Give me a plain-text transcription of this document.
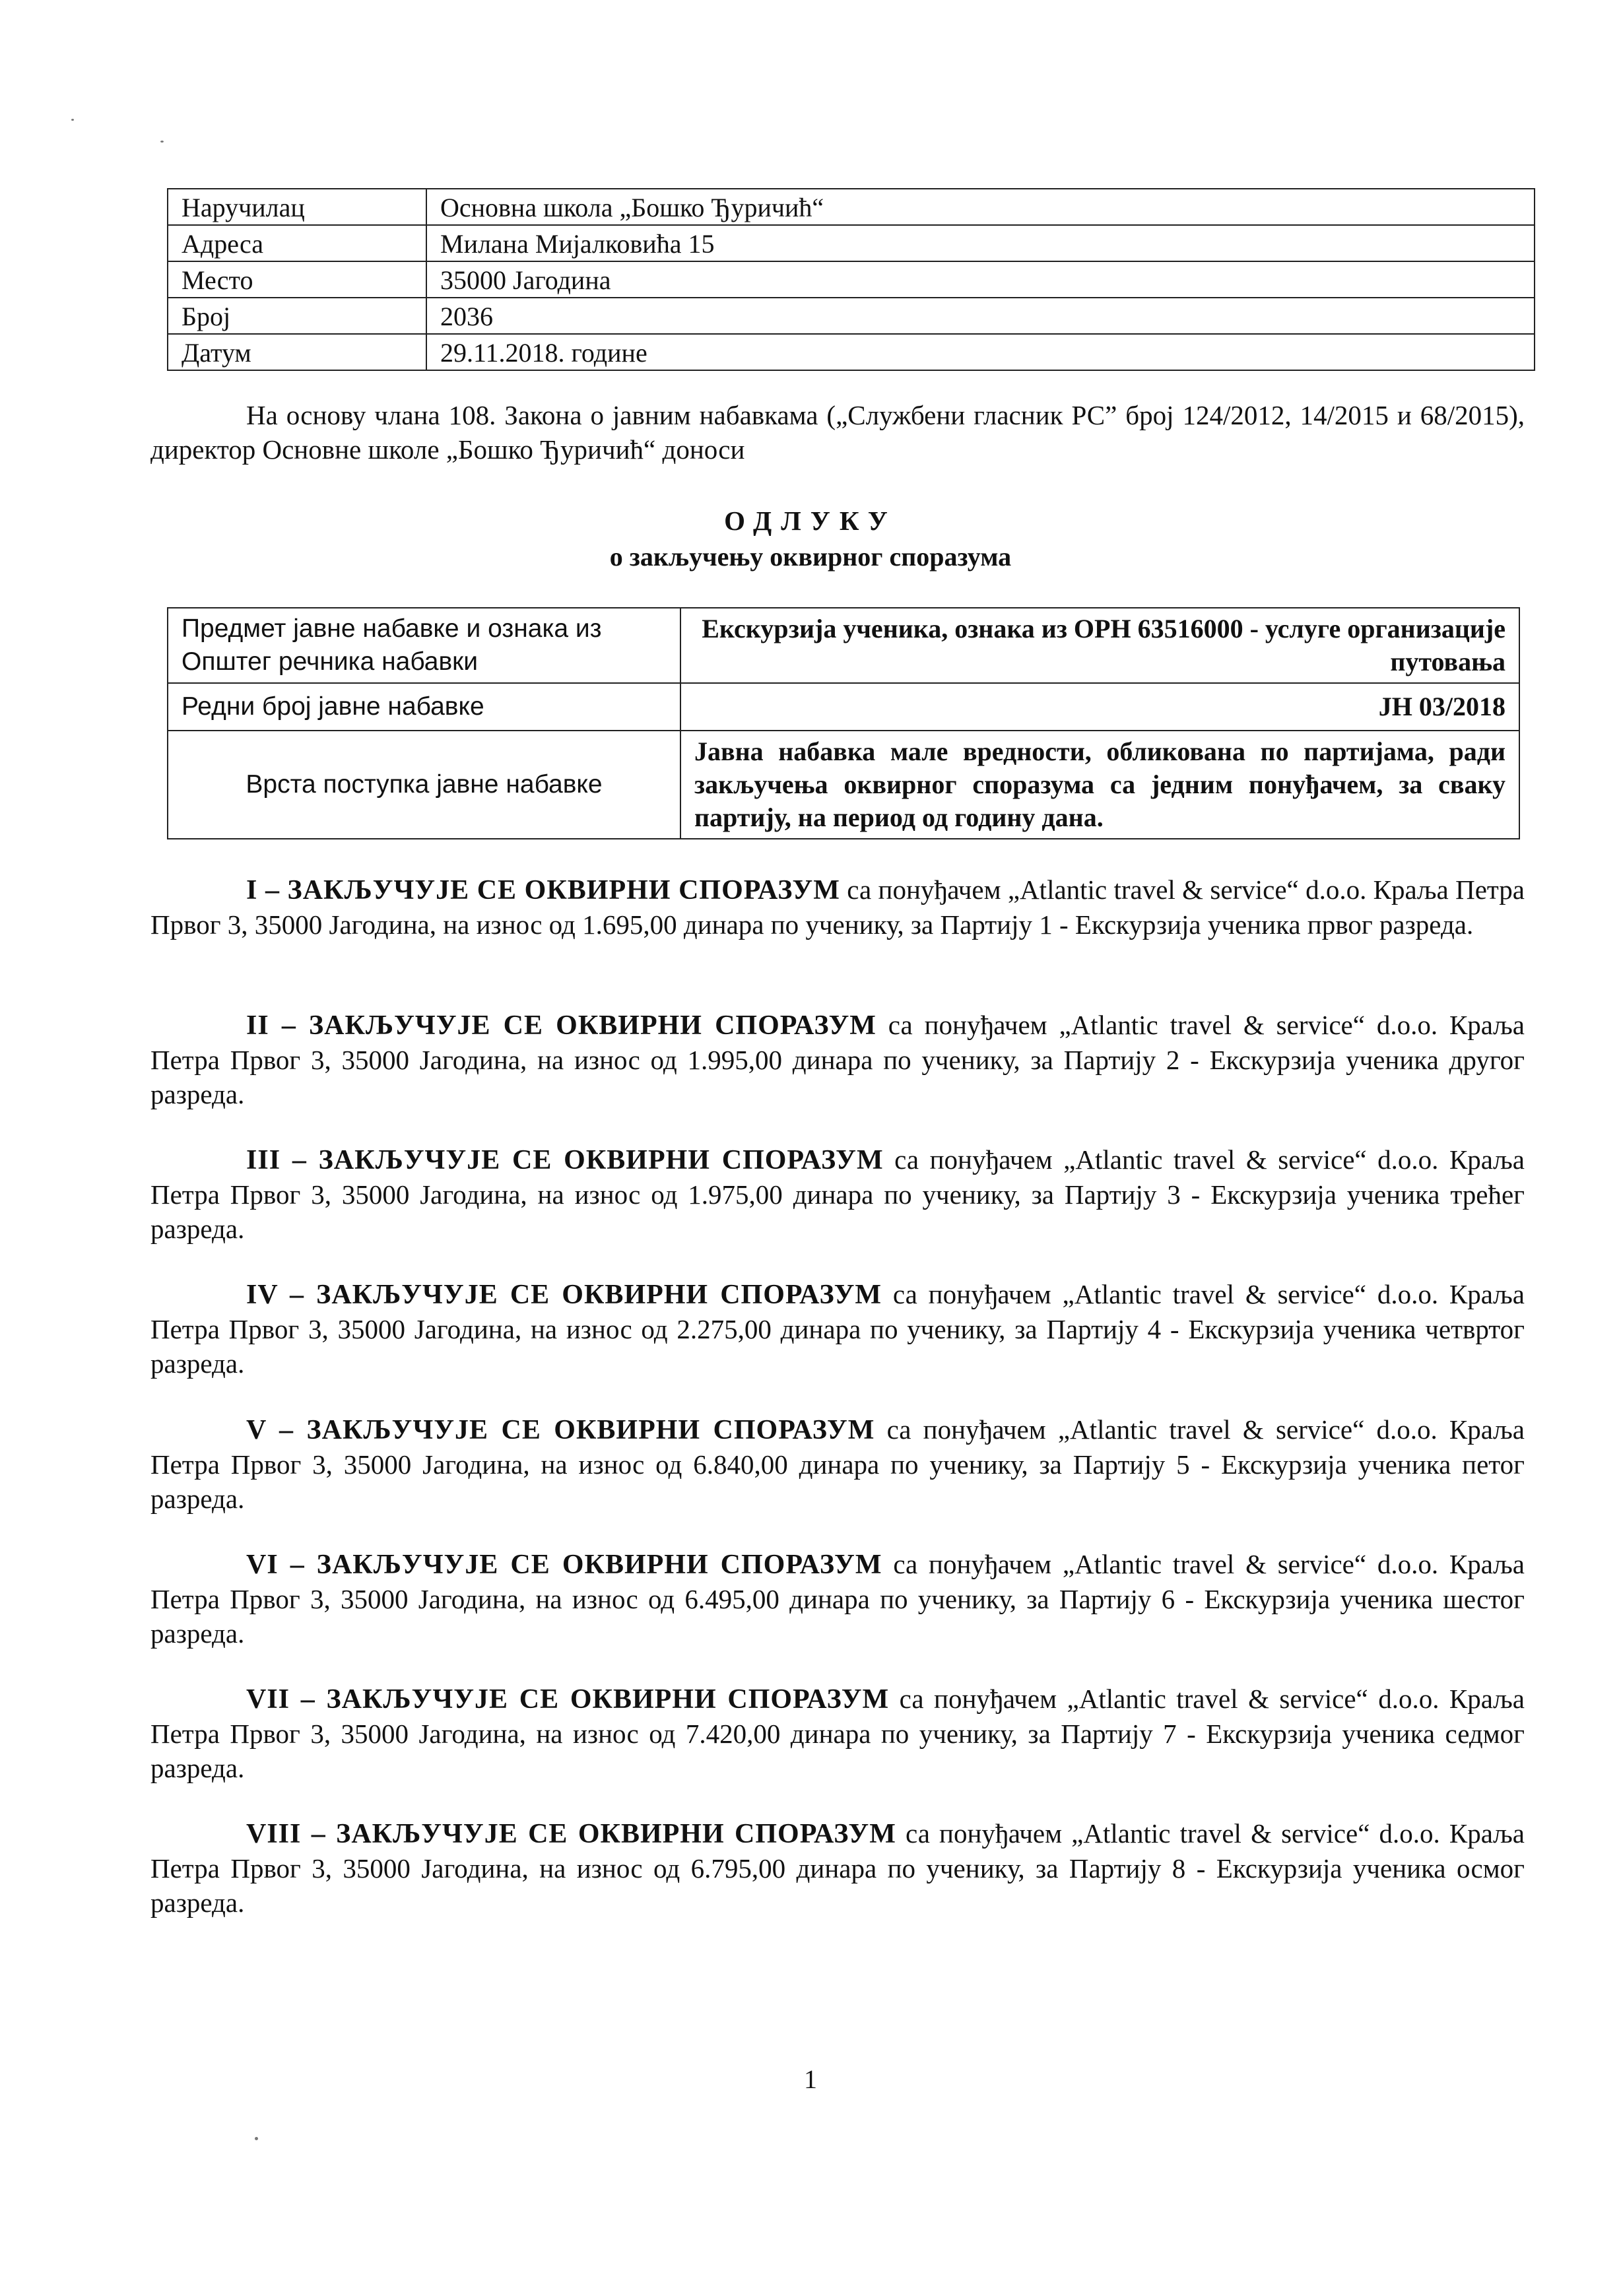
Наручилац	Основна школа „Бошко Ђуричић“
Адреса	Милана Мијалковића 15
Место	35000 Јагодина
Број	2036
Датум	29.11.2018. године

На основу члана 108. Закона о јавним набавкама („Службени гласник РС” број 124/2012, 14/2015 и 68/2015), директор Основне школе „Бошко Ђуричић“ доноси

ОДЛУКУ
о закључењу оквирног споразума
Предмет јавне набавке и ознака из Општег речника набавки	Екскурзија ученика, ознака из ОРН 63516000 - услуге организације путовања
Редни број јавне набавке	ЈН 03/2018
Врста поступка јавне набавке	Јавна набавка мале вредности, обликована по партијама, ради закључења оквирног споразума са једним понуђачем, за сваку партију, на период од годину дана.

I – ЗАКЉУЧУЈЕ СЕ ОКВИРНИ СПОРАЗУМ са понуђачем „Atlantic travel & service“ d.o.o. Краља Петра Првог 3, 35000 Јагодина, на износ од 1.695,00 динара по ученику, за Партију 1 - Екскурзија ученика првог разреда.

II – ЗАКЉУЧУЈЕ СЕ ОКВИРНИ СПОРАЗУМ са понуђачем „Atlantic travel & service“ d.o.o. Краља Петра Првог 3, 35000 Јагодина, на износ од 1.995,00 динара по ученику, за Партију 2 - Екскурзија ученика другог разреда.

III – ЗАКЉУЧУЈЕ СЕ ОКВИРНИ СПОРАЗУМ са понуђачем „Atlantic travel & service“ d.o.o. Краља Петра Првог 3, 35000 Јагодина, на износ од 1.975,00 динара по ученику, за Партију 3 - Екскурзија ученика трећег разреда.

IV – ЗАКЉУЧУЈЕ СЕ ОКВИРНИ СПОРАЗУМ са понуђачем „Atlantic travel & service“ d.o.o. Краља Петра Првог 3, 35000 Јагодина, на износ од 2.275,00 динара по ученику, за Партију 4 - Екскурзија ученика четвртог разреда.

V – ЗАКЉУЧУЈЕ СЕ ОКВИРНИ СПОРАЗУМ са понуђачем „Atlantic travel & service“ d.o.o. Краља Петра Првог 3, 35000 Јагодина, на износ од 6.840,00 динара по ученику, за Партију 5 - Екскурзија ученика петог разреда.

VI – ЗАКЉУЧУЈЕ СЕ ОКВИРНИ СПОРАЗУМ са понуђачем „Atlantic travel & service“ d.o.o. Краља Петра Првог 3, 35000 Јагодина, на износ од 6.495,00 динара по ученику, за Партију 6 - Екскурзија ученика шестог разреда.

VII – ЗАКЉУЧУЈЕ СЕ ОКВИРНИ СПОРАЗУМ са понуђачем „Atlantic travel & service“ d.o.o. Краља Петра Првог 3, 35000 Јагодина, на износ од 7.420,00 динара по ученику, за Партију 7 - Екскурзија ученика седмог разреда.

VIII – ЗАКЉУЧУЈЕ СЕ ОКВИРНИ СПОРАЗУМ са понуђачем „Atlantic travel & service“ d.o.o. Краља Петра Првог 3, 35000 Јагодина, на износ од 6.795,00 динара по ученику, за Партију 8 - Екскурзија ученика осмог разреда.

1
